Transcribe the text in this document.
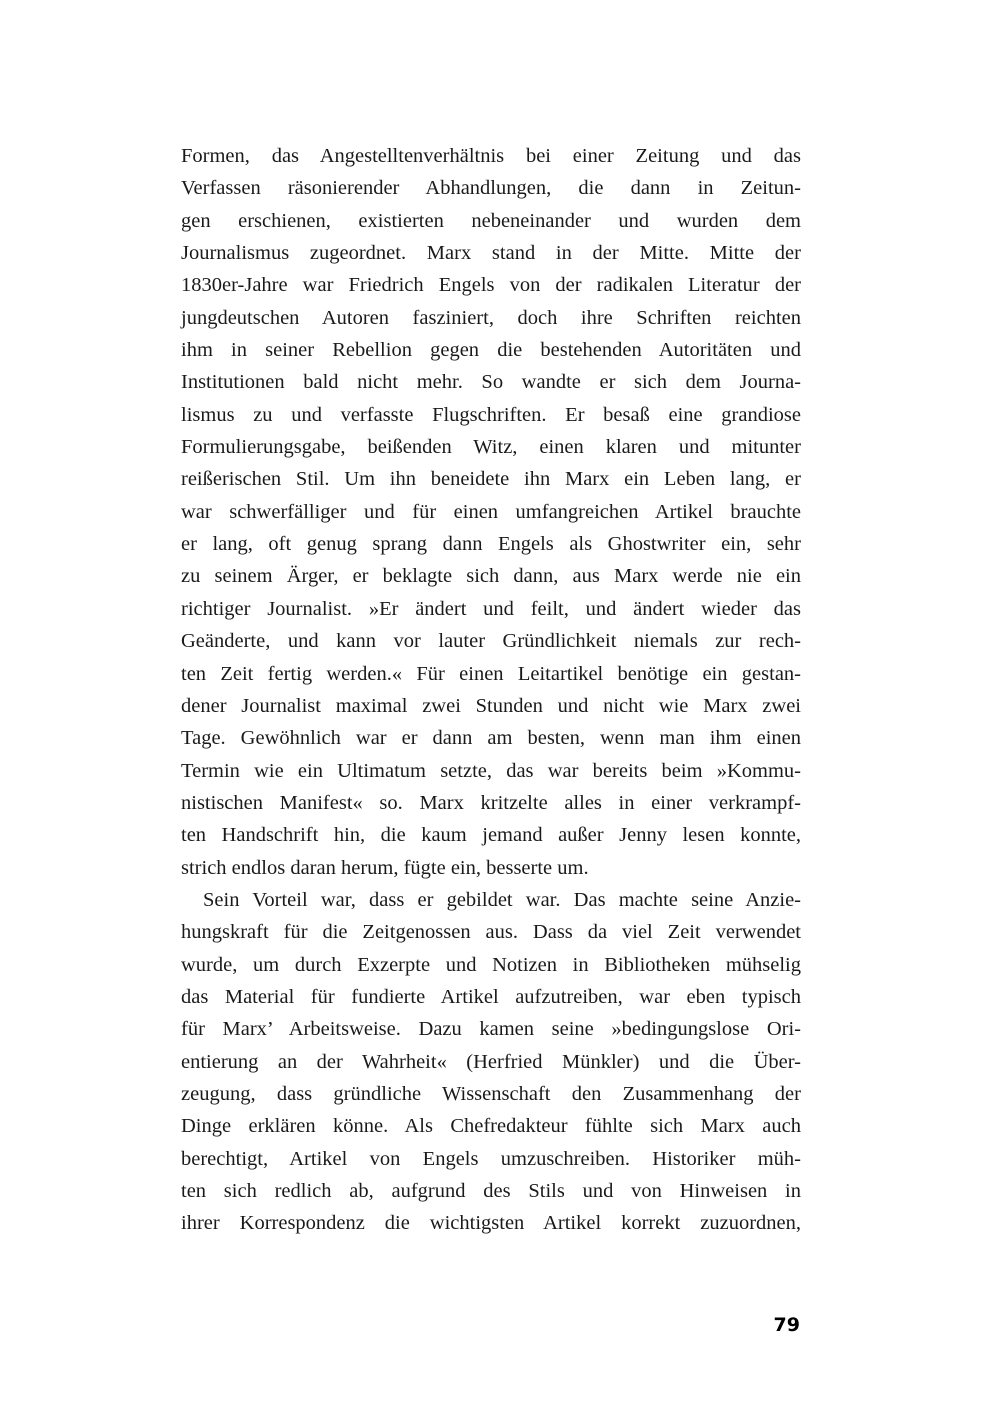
Formen, das Angestelltenverhältnis bei einer Zeitung und das
Verfassen räsonierender Abhandlungen, die dann in Zeitun-
gen erschienen, existierten nebeneinander und wurden dem
Journalismus zugeordnet. Marx stand in der Mitte. Mitte der
1830er-Jahre war Friedrich Engels von der radikalen Literatur der
jungdeutschen Autoren fasziniert, doch ihre Schriften reichten
ihm in seiner Rebellion gegen die bestehenden Autoritäten und
Institutionen bald nicht mehr. So wandte er sich dem Journa-
lismus zu und verfasste Flugschriften. Er besaß eine grandiose
Formulierungsgabe, beißenden Witz, einen klaren und mitunter
reißerischen Stil. Um ihn beneidete ihn Marx ein Leben lang, er
war schwerfälliger und für einen umfangreichen Artikel brauchte
er lang, oft genug sprang dann Engels als Ghostwriter ein, sehr
zu seinem Ärger, er beklagte sich dann, aus Marx werde nie ein
richtiger Journalist. »Er ändert und feilt, und ändert wieder das
Geänderte, und kann vor lauter Gründlichkeit niemals zur rech-
ten Zeit fertig werden.« Für einen Leitartikel benötige ein gestan-
dener Journalist maximal zwei Stunden und nicht wie Marx zwei
Tage. Gewöhnlich war er dann am besten, wenn man ihm einen
Termin wie ein Ultimatum setzte, das war bereits beim »Kommu-
nistischen Manifest« so. Marx kritzelte alles in einer verkrampf-
ten Handschrift hin, die kaum jemand außer Jenny lesen konnte,
strich endlos daran herum, fügte ein, besserte um.
Sein Vorteil war, dass er gebildet war. Das machte seine Anzie-
hungskraft für die Zeitgenossen aus. Dass da viel Zeit verwendet
wurde, um durch Exzerpte und Notizen in Bibliotheken mühselig
das Material für fundierte Artikel aufzutreiben, war eben typisch
für Marx’ Arbeitsweise. Dazu kamen seine »bedingungslose Ori-
entierung an der Wahrheit« (Herfried Münkler) und die Über-
zeugung, dass gründliche Wissenschaft den Zusammenhang der
Dinge erklären könne. Als Chefredakteur fühlte sich Marx auch
berechtigt, Artikel von Engels umzuschreiben. Historiker müh-
ten sich redlich ab, aufgrund des Stils und von Hinweisen in
ihrer Korrespondenz die wichtigsten Artikel korrekt zuzuordnen,
79
